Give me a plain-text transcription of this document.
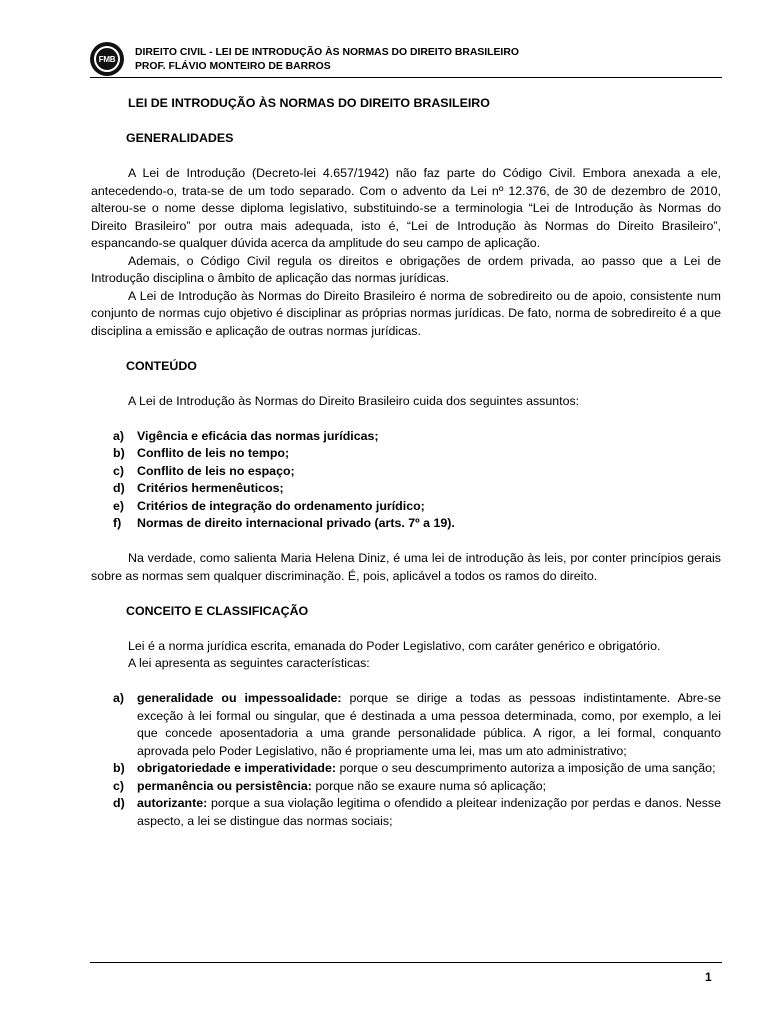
FMB
DIREITO CIVIL - LEI DE INTRODUÇÃO ÀS NORMAS DO DIREITO BRASILEIRO
PROF. FLÁVIO MONTEIRO DE BARROS
LEI DE INTRODUÇÃO ÀS NORMAS DO DIREITO BRASILEIRO
GENERALIDADES

A Lei de Introdução (Decreto-lei 4.657/1942) não faz parte do Código Civil. Embora anexada a ele, antecedendo-o, trata-se de um todo separado. Com o advento da Lei nº 12.376, de 30 de dezembro de 2010, alterou-se o nome desse diploma legislativo, substituindo-se a terminologia “Lei de Introdução às Normas do Direito Brasileiro” por outra mais adequada, isto é, “Lei de Introdução às Normas do Direito Brasileiro”, espancando-se qualquer dúvida acerca da amplitude do seu campo de aplicação.

Ademais, o Código Civil regula os direitos e obrigações de ordem privada, ao passo que a Lei de Introdução disciplina o âmbito de aplicação das normas jurídicas.

A Lei de Introdução às Normas do Direito Brasileiro é norma de sobredireito ou de apoio, consistente num conjunto de normas cujo objetivo é disciplinar as próprias normas jurídicas. De fato, norma de sobredireito é a que disciplina a emissão e aplicação de outras normas jurídicas.

CONTEÚDO

A Lei de Introdução às Normas do Direito Brasileiro cuida dos seguintes assuntos:

a) Vigência e eficácia das normas jurídicas;
b) Conflito de leis no tempo;
c) Conflito de leis no espaço;
d) Critérios hermenêuticos;
e) Critérios de integração do ordenamento jurídico;
f) Normas de direito internacional privado (arts. 7º a 19).

Na verdade, como salienta Maria Helena Diniz, é uma lei de introdução às leis, por conter princípios gerais sobre as normas sem qualquer discriminação. É, pois, aplicável a todos os ramos do direito.

CONCEITO E CLASSIFICAÇÃO

Lei é a norma jurídica escrita, emanada do Poder Legislativo, com caráter genérico e obrigatório.

A lei apresenta as seguintes características:

a) generalidade ou impessoalidade: porque se dirige a todas as pessoas indistintamente. Abre-se exceção à lei formal ou singular, que é destinada a uma pessoa determinada, como, por exemplo, a lei que concede aposentadoria a uma grande personalidade pública. A rigor, a lei formal, conquanto aprovada pelo Poder Legislativo, não é propriamente uma lei, mas um ato administrativo;
b) obrigatoriedade e imperatividade: porque o seu descumprimento autoriza a imposição de uma sanção;
c) permanência ou persistência: porque não se exaure numa só aplicação;
d) autorizante: porque a sua violação legitima o ofendido a pleitear indenização por perdas e danos. Nesse aspecto, a lei se distingue das normas sociais;
1
